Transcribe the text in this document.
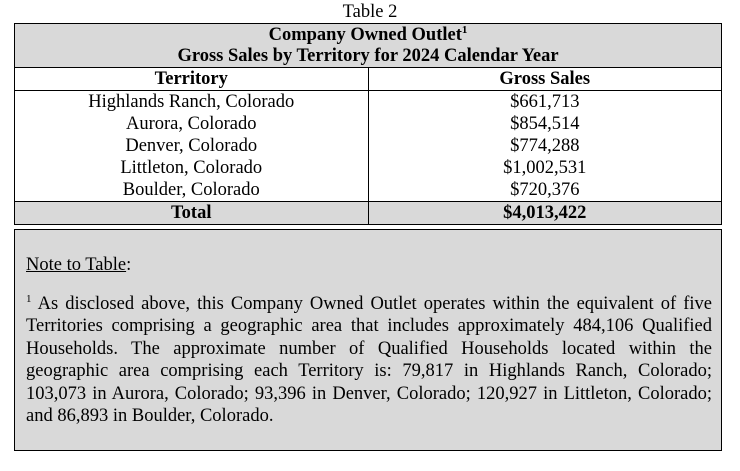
Table 2
Company Owned Outlet$^1$
Gross Sales by Territory for 2024 Calendar Year	
Territory	Gross Sales
Highlands Ranch, Colorado	$661,713
Aurora, Colorado	$854,514
Denver, Colorado	$774,288
Littleton, Colorado	$1,002,531
Boulder, Colorado	$720,376
Total	$4,013,422
Note to Table:

$^1$ As disclosed above, this Company Owned Outlet operates within the equivalent of five Territories comprising a geographic area that includes approximately 484,106 Qualified Households. The approximate number of Qualified Households located within the geographic area comprising each Territory is: 79,817 in Highlands Ranch, Colorado; 103,073 in Aurora, Colorado; 93,396 in Denver, Colorado; 120,927 in Littleton, Colorado; and 86,893 in Boulder, Colorado.
